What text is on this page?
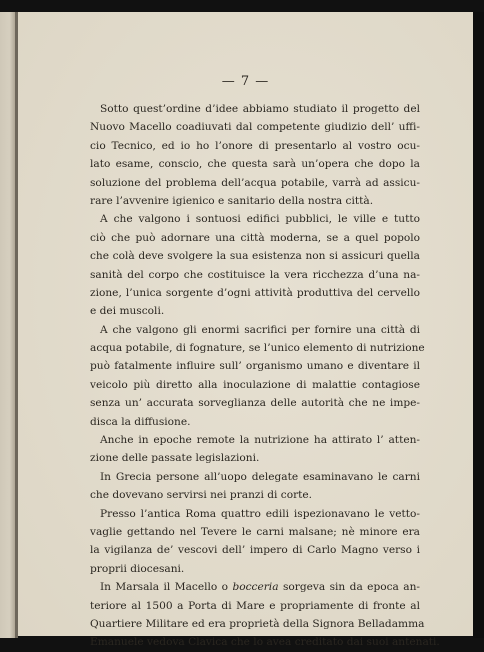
— 7 —
Sotto quest’ordine d’idee abbiamo studiato il progetto del
Nuovo Macello coadiuvati dal competente giudizio dell’ uffi-
cio Tecnico, ed io ho l’onore di presentarlo al vostro ocu-
lato esame, conscio, che questa sarà un’opera che dopo la
soluzione del problema dell’acqua potabile, varrà ad assicu-
rare l’avvenire igienico e sanitario della nostra città.
A che valgono i sontuosi edifici pubblici, le ville e tutto
ciò che può adornare una città moderna, se a quel popolo
che colà deve svolgere la sua esistenza non si assicuri quella
sanità del corpo che costituisce la vera ricchezza d’una na-
zione, l’unica sorgente d’ogni attività produttiva del cervello
e dei muscoli.
A che valgono gli enormi sacrifici per fornire una città di
acqua potabile, di fognature, se l’unico elemento di nutrizione
può fatalmente influire sull’ organismo umano e diventare il
veicolo più diretto alla inoculazione di malattie contagiose
senza un’ accurata sorveglianza delle autorità che ne impe-
disca la diffusione.
Anche in epoche remote la nutrizione ha attirato l’ atten-
zione delle passate legislazioni.
In Grecia persone all’uopo delegate esaminavano le carni
che dovevano servirsi nei pranzi di corte.
Presso l’antica Roma quattro edili ispezionavano le vetto-
vaglie gettando nel Tevere le carni malsane; nè minore era
la vigilanza de’ vescovi dell’ impero di Carlo Magno verso i
proprii diocesani.
In Marsala il Macello o bocceria sorgeva sin da epoca an-
teriore al 1500 a Porta di Mare e propriamente di fronte al
Quartiere Militare ed era proprietà della Signora Belladamma
Emanuele vedova Clavica che lo avea creditato dai suoi antenati.
